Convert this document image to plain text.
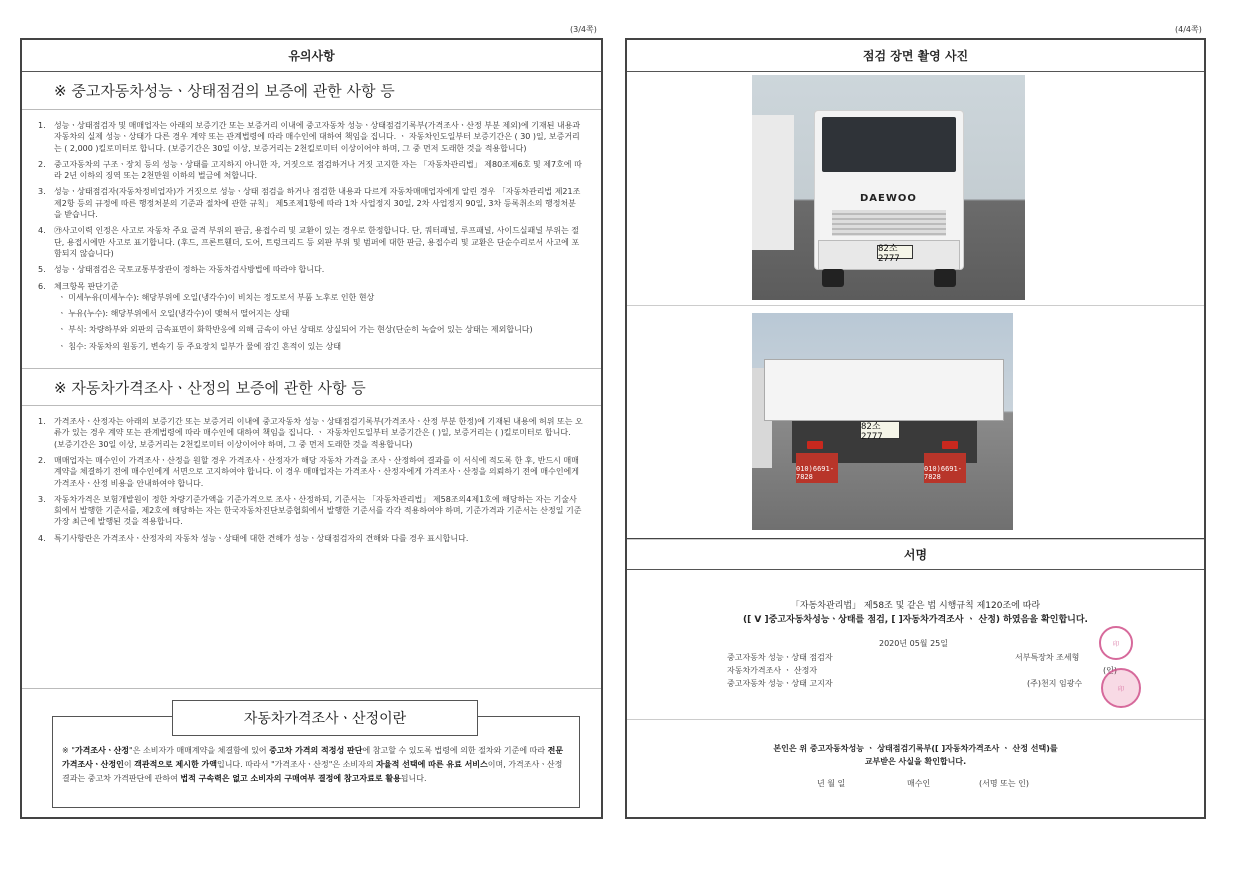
(3/4쪽)	(4/4쪽)
유의사항
※ 중고자동차성능ㆍ상태점검의 보증에 관한 사항 등
1.	성능ㆍ상태점검자 및 매매업자는 아래의 보증기간 또는 보증거리 이내에 중고자동차 성능ㆍ상태점검기록부(가격조사ㆍ산정 부분 제외)에 기재된 내용과 자동차의 실제 성능ㆍ상태가 다른 경우 계약 또는 관계법령에 따라 매수인에 대하여 책임을 집니다. ㆍ 자동차인도일부터 보증기간은 ( 30 )일, 보증거리는 ( 2,000 )킬로미터로 합니다. (보증기간은 30일 이상, 보증거리는 2천킬로미터 이상이어야 하며, 그 중 먼저 도래한 것을 적용합니다)
2.	중고자동차의 구조ㆍ장치 등의 성능ㆍ상태를 고지하지 아니한 자, 거짓으로 점검하거나 거짓 고지한 자는 「자동차관리법」 제80조제6호 및 제7호에 따라 2년 이하의 징역 또는 2천만원 이하의 벌금에 처합니다.
3.	성능ㆍ상태점검자(자동차정비업자)가 거짓으로 성능ㆍ상태 점검을 하거나 점검한 내용과 다르게 자동차매매업자에게 알린 경우 「자동차관리법 제21조제2항 등의 규정에 따른 행정처분의 기준과 절차에 관한 규칙」 제5조제1항에 따라 1차 사업정지 30일, 2차 사업정지 90일, 3차 등록취소의 행정처분을 받습니다.
4.	㉮사고이력 인정은 사고로 자동차 주요 골격 부위의 판금, 용접수리 및 교환이 있는 경우로 한정합니다. 단, 쿼터패널, 루프패널, 사이드실패널 부위는 절단, 용접시에만 사고로 표기합니다. (후드, 프론트휀더, 도어, 트렁크리드 등 외판 부위 및 범퍼에 대한 판금, 용접수리 및 교환은 단순수리로서 사고에 포함되지 않습니다)
5.	성능ㆍ상태점검은 국토교통부장관이 정하는 자동차검사방법에 따라야 합니다.
6.	체크항목 판단기준
ㆍ 미세누유(미세누수): 해당부위에 오일(냉각수)이 비치는 정도로서 부품 노후로 인한 현상
ㆍ 누유(누수): 해당부위에서 오일(냉각수)이 맺혀서 떨어지는 상태
ㆍ 부식: 차량하부와 외판의 금속표면이 화학반응에 의해 금속이 아닌 상태로 상실되어 가는 현상(단순히 녹슬어 있는 상태는 제외합니다)
ㆍ 침수: 자동차의 원동기, 변속기 등 주요장치 일부가 물에 잠긴 흔적이 있는 상태
※ 자동차가격조사ㆍ산정의 보증에 관한 사항 등
1.	가격조사ㆍ산정자는 아래의 보증기간 또는 보증거리 이내에 중고자동차 성능ㆍ상태점검기록부(가격조사ㆍ산정 부분 한정)에 기재된 내용에 허위 또는 오류가 있는 경우 계약 또는 관계법령에 따라 매수인에 대하여 책임을 집니다. ㆍ 자동차인도일부터 보증기간은 ( )일, 보증거리는 ( )킬로미터로 합니다. (보증기간은 30일 이상, 보증거리는 2천킬로미터 이상이어야 하며, 그 중 먼저 도래한 것을 적용합니다)
2.	매매업자는 매수인이 가격조사ㆍ산정을 원할 경우 가격조사ㆍ산정자가 해당 자동차 가격을 조사ㆍ산정하여 결과를 이 서식에 적도록 한 후, 반드시 매매계약을 체결하기 전에 매수인에게 서면으로 고지하여야 합니다. 이 경우 매매업자는 가격조사ㆍ산정자에게 가격조사ㆍ산정을 의뢰하기 전에 매수인에게 가격조사ㆍ산정 비용을 안내하여야 합니다.
3.	자동차가격은 보험개발원이 정한 차량기준가액을 기준가격으로 조사ㆍ산정하되, 기준서는 「자동차관리법」 제58조의4제1호에 해당하는 자는 기술사회에서 발행한 기준서를, 제2호에 해당하는 자는 한국자동차진단보증협회에서 발행한 기준서를 각각 적용하여야 하며, 기준가격과 기준서는 산정일 기준 가장 최근에 발행된 것을 적용합니다.
4.	특기사항란은 가격조사ㆍ산정자의 자동차 성능ㆍ상태에 대한 견해가 성능ㆍ상태점검자의 견해와 다를 경우 표시합니다.
자동차가격조사ㆍ산정이란
※ "가격조사ㆍ산정"은 소비자가 매매계약을 체결함에 있어 중고차 가격의 적정성 판단에 참고할 수 있도록 법령에 의한 절차와 기준에 따라 전문 가격조사ㆍ산정인이 객관적으로 제시한 가액입니다. 따라서 "가격조사ㆍ산정"은 소비자의 자율적 선택에 따른 유료 서비스이며, 가격조사ㆍ산정 결과는 중고차 가격판단에 관하여 법적 구속력은 없고 소비자의 구매여부 결정에 참고자료로 활용됩니다.
점검 장면 촬영 사진
DAEWOO
82소2777
82소2777
010)6691-7828
010)6691-7828
서명
「자동차관리법」 제58조 및 같은 법 시행규칙 제120조에 따라
([ V ]중고자동차성능ㆍ상태를 점검, [ ]자동차가격조사 ㆍ 산정) 하였음을 확인합니다.
2020년 05월 25일
중고자동차 성능ㆍ상태 점검자	서부특장차 조세형
자동차가격조사 ㆍ 산정자	(인)
중고자동차 성능ㆍ상태 고지자	(주)천지 임광수
印
印
본인은 위 중고자동차성능 ㆍ 상태점검기록부([ ]자동차가격조사 ㆍ 산정 선택)를
교부받은 사실을 확인합니다.
년 월 일	매수인	(서명 또는 인)
